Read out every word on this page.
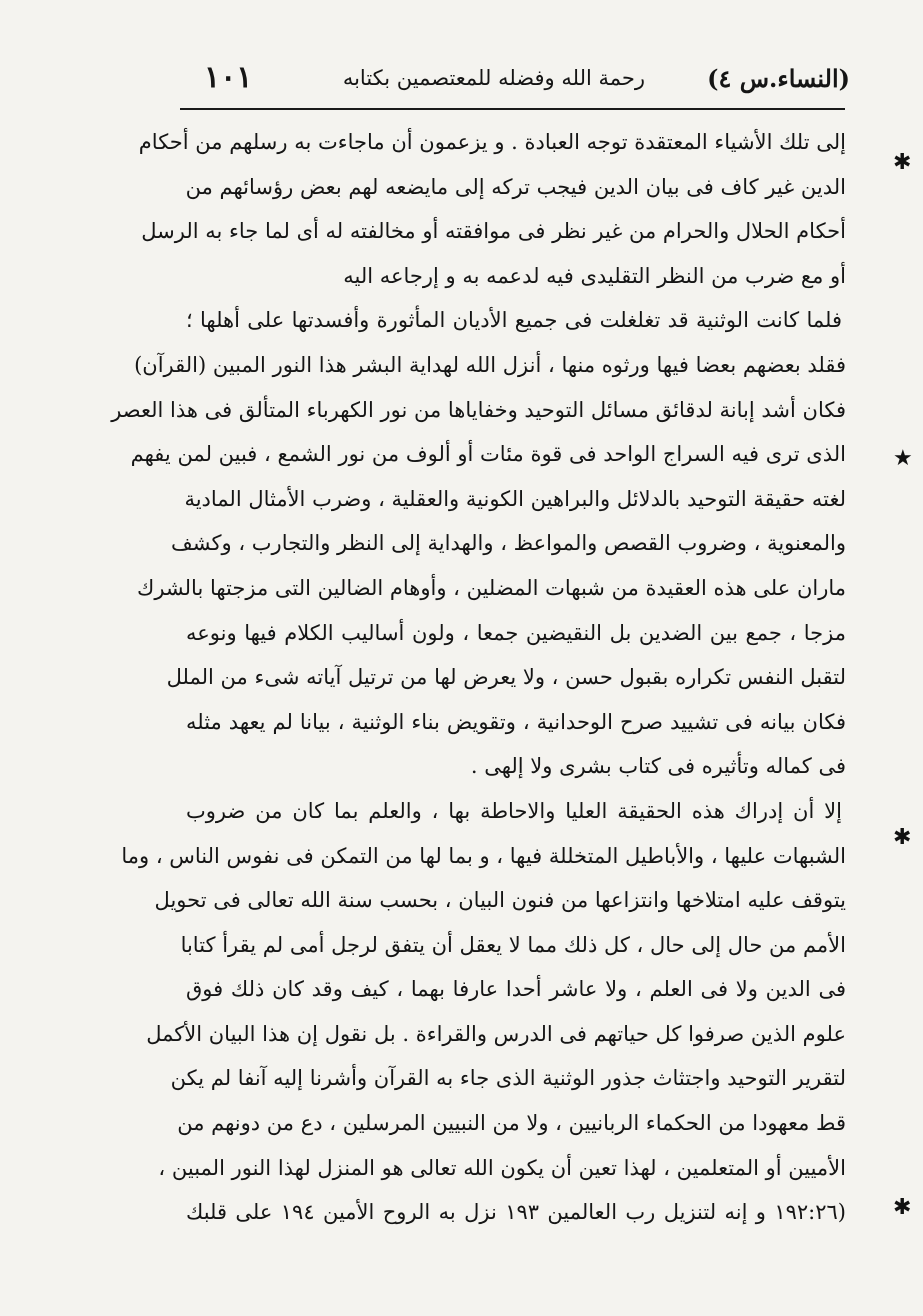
(النساء.س ٤)
رحمة الله وفضله للمعتصمين بكتابه
١٠١
إلى تلك الأشياء المعتقدة توجه العبادة . و يزعمون أن ماجاءت به رسلهم من أحكام
الدين غير كاف فى بيان الدين فيجب تركه إلى مايضعه لهم بعض رؤسائهم من
أحكام الحلال والحرام من غير نظر فى موافقته أو مخالفته له أى لما جاء به الرسل
أو مع ضرب من النظر التقليدى فيه لدعمه به و إرجاعه اليه
فلما كانت الوثنية قد تغلغلت فى جميع الأديان المأثورة وأفسدتها على أهلها ؛
فقلد بعضهم بعضا فيها ورثوه منها ، أنزل الله لهداية البشر هذا النور المبين (القرآن)
فكان أشد إبانة لدقائق مسائل التوحيد وخفاياها من نور الكهرباء المتألق فى هذا العصر
الذى ترى فيه السراج الواحد فى قوة مئات أو ألوف من نور الشمع ، فبين لمن يفهم
لغته حقيقة التوحيد بالدلائل والبراهين الكونية والعقلية ، وضرب الأمثال المادية
والمعنوية ، وضروب القصص والمواعظ ، والهداية إلى النظر والتجارب ، وكشف
ماران على هذه العقيدة من شبهات المضلين ، وأوهام الضالين التى مزجتها بالشرك
مزجا ، جمع بين الضدين بل النقيضين جمعا ، ولون أساليب الكلام فيها ونوعه
لتقبل النفس تكراره بقبول حسن ، ولا يعرض لها من ترتيل آياته شىء من الملل
فكان بيانه فى تشييد صرح الوحدانية ، وتقويض بناء الوثنية ، بيانا لم يعهد مثله
فى كماله وتأثيره فى كتاب بشرى ولا إلهى .
إلا أن إدراك هذه الحقيقة العليا والاحاطة بها ، والعلم بما كان من ضروب
الشبهات عليها ، والأباطيل المتخللة فيها ، و بما لها من التمكن فى نفوس الناس ، وما
يتوقف عليه امتلاخها وانتزاعها من فنون البيان ، بحسب سنة الله تعالى فى تحويل
الأمم من حال إلى حال ، كل ذلك مما لا يعقل أن يتفق لرجل أمى لم يقرأ كتابا
فى الدين ولا فى العلم ، ولا عاشر أحدا عارفا بهما ، كيف وقد كان ذلك فوق
علوم الذين صرفوا كل حياتهم فى الدرس والقراءة . بل نقول إن هذا البيان الأكمل
لتقرير التوحيد واجتثاث جذور الوثنية الذى جاء به القرآن وأشرنا إليه آنفا لم يكن
قط معهودا من الحكماء الربانيين ، ولا من النبيين المرسلين ، دع من دونهم من
الأميين أو المتعلمين ، لهذا تعين أن يكون الله تعالى هو المنزل لهذا النور المبين ،
(١٩٢:٢٦ و إنه لتنزيل رب العالمين ١٩٣ نزل به الروح الأمين ١٩٤ على قلبك
✱
★
✱
✱
